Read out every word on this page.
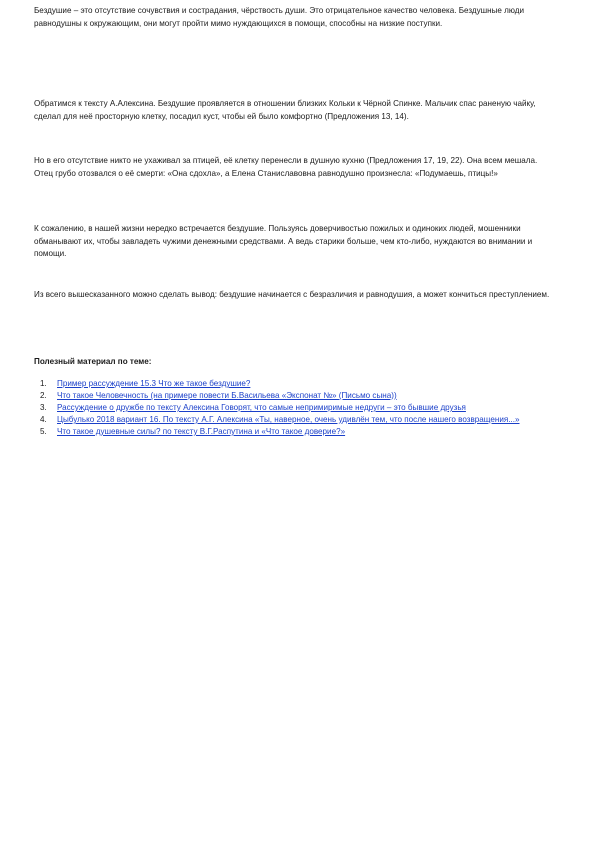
Бездушие – это отсутствие сочувствия и сострадания, чёрствость души. Это отрицательное качество человека. Бездушные люди равнодушны к окружающим, они могут пройти мимо нуждающихся в помощи, способны на низкие поступки.

Обратимся к тексту А.Алексина. Бездушие проявляется в отношении близких Кольки к Чёрной Спинке. Мальчик спас раненую чайку, сделал для неё просторную клетку, посадил куст, чтобы ей было комфортно (Предложения 13, 14).

Но в его отсутствие никто не ухаживал за птицей, её клетку перенесли в душную кухню (Предложения 17, 19, 22). Она всем мешала. Отец грубо отозвался о её смерти: «Она сдохла», а Елена Станиславовна равнодушно произнесла: «Подумаешь, птицы!»

К сожалению, в нашей жизни нередко встречается бездушие. Пользуясь доверчивостью пожилых и одиноких людей, мошенники обманывают их, чтобы завладеть чужими денежными средствами. А ведь старики больше, чем кто-либо, нуждаются во внимании и помощи.

Из всего вышесказанного можно сделать вывод: бездушие начинается с безразличия и равнодушия, а может кончиться преступлением.

Полезный материал по теме:

1. Пример рассуждение 15.3 Что же такое бездушие?
2. Что такое Человечность (на примере повести Б.Васильева «Экспонат №» (Письмо сына))
3. Рассуждение о дружбе по тексту Алексина Говорят, что самые непримиримые недруги – это бывшие друзья
4. Цыбулько 2018 вариант 16. По тексту А.Г. Алексина «Ты, наверное, очень удивлён тем, что после нашего возвращения...»
5. Что такое душевные силы? по тексту В.Г.Распутина и «Что такое доверие?»
